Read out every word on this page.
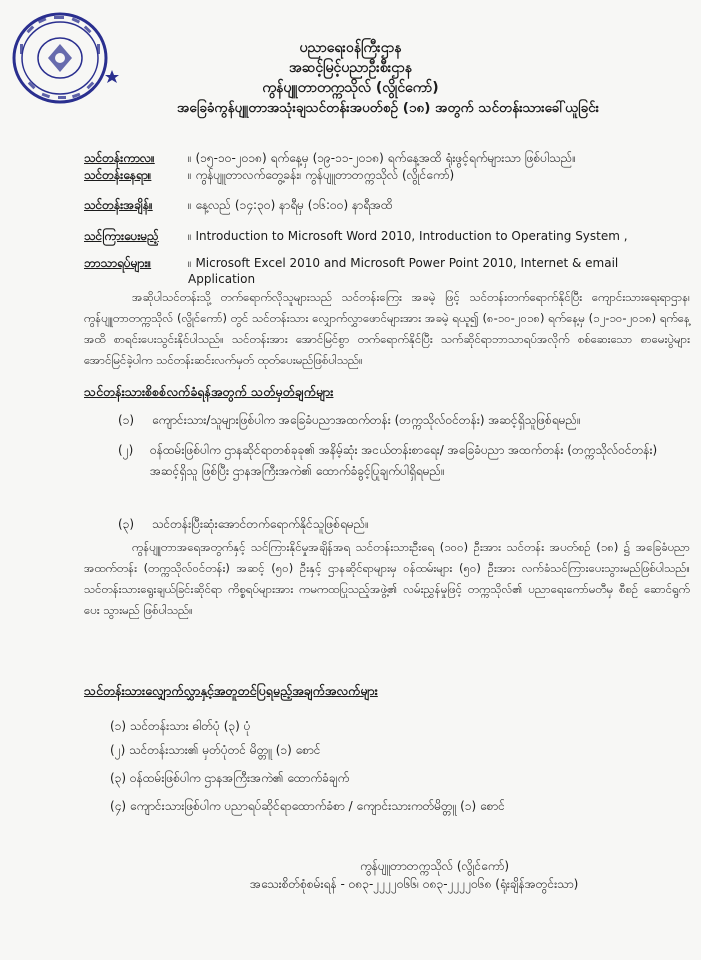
ပညာရေးဝန်ကြီးဌာန
အဆင့်မြင့်ပညာဦးစီးဌာန
ကွန်ပျူတာတက္ကသိုလ် (လွိုင်ကော်)
အခြေခံကွန်ပျူတာအသုံးချသင်တန်းအပတ်စဉ် (၁၈) အတွက် သင်တန်းသားခေါ်ယူခြင်း
သင်တန်းကာလ။	။ (၁၅-၁၀-၂၀၁၈) ရက်နေ့မှ (၁၉-၁၁-၂၀၁၈) ရက်နေ့အထိ ရုံးဖွင့်ရက်များသာ ဖြစ်ပါသည်။
သင်တန်းနေရာ။	။ ကွန်ပျူတာလက်တွေ့ခန်း၊ ကွန်ပျူတာတက္ကသိုလ် (လွိုင်ကော်)
သင်တန်းအချိန်။	။ နေ့လည် (၁၄:၃၀) နာရီမှ (၁၆:၀၀) နာရီအထိ
သင်ကြားပေးမည့် ။ Introduction to Microsoft Word 2010, Introduction to Operating System ,
ဘာသာရပ်များ။	။ Microsoft Excel 2010 and Microsoft Power Point 2010, Internet & email Application
အဆိုပါသင်တန်းသို့ တက်ရောက်လိုသူများသည် သင်တန်းကြေး အခမဲ့ ဖြင့် သင်တန်းတက်ရောက်နိုင်ပြီး ကျောင်းသားရေးရာဌာန၊ ကွန်ပျူတာတက္ကသိုလ် (လွိုင်ကော်) တွင် သင်တန်းသား လျှောက်လွှာဖောင်များအား အခမဲ့ ရယူ၍ (၈-၁၀-၂၀၁၈) ရက်နေ့မှ (၁၂-၁၀-၂၀၁၈) ရက်နေ့အထိ စာရင်းပေးသွင်းနိုင်ပါသည်။ သင်တန်းအား အောင်မြင်စွာ တက်ရောက်နိုင်ပြီး သက်ဆိုင်ရာဘာသာရပ်အလိုက် စစ်ဆေးသော စာမေးပွဲများ အောင်မြင်ခဲ့ပါက သင်တန်းဆင်းလက်မှတ် ထုတ်ပေးမည်ဖြစ်ပါသည်။
သင်တန်းသားစိစစ်လက်ခံရန်အတွက် သတ်မှတ်ချက်များ
(၁) ကျောင်းသား/သူများဖြစ်ပါက အခြေခံပညာအထက်တန်း (တက္ကသိုလ်ဝင်တန်း) အဆင့်ရှိသူဖြစ်ရမည်။
(၂) ဝန်ထမ်းဖြစ်ပါက ဌာနဆိုင်ရာတစ်ခုခု၏ အနိမ့်ဆုံး အငယ်တန်းစာရေး/ အခြေခံပညာ အထက်တန်း (တက္ကသိုလ်ဝင်တန်း) အဆင့်ရှိသူ ဖြစ်ပြီး ဌာနအကြီးအကဲ၏ ထောက်ခံခွင့်ပြုချက်ပါရှိရမည်။
(၃) သင်တန်းပြီးဆုံးအောင်တက်ရောက်နိုင်သူဖြစ်ရမည်။
ကွန်ပျူတာအရေအတွက်နှင့် သင်ကြားနိုင်မှုအချိန်အရ သင်တန်းသားဦးရေ (၁၀၀) ဦးအား သင်တန်း အပတ်စဉ် (၁၈) ၌ အခြေခံပညာအထက်တန်း (တက္ကသိုလ်ဝင်တန်း) အဆင့် (၅၀) ဦးနှင့် ဌာနဆိုင်ရာများမှ ဝန်ထမ်းများ (၅၀) ဦးအား လက်ခံသင်ကြားပေးသွားမည်ဖြစ်ပါသည်။ သင်တန်းသားရွေးချယ်ခြင်းဆိုင်ရာ ကိစ္စရပ်များအား ကမကထပြုသည့်အဖွဲ့၏ လမ်းညွှန်မှုဖြင့် တက္ကသိုလ်၏ ပညာရေးကော်မတီမှ စီစဉ် ဆောင်ရွက်ပေး သွားမည် ဖြစ်ပါသည်။
သင်တန်းသားလျှောက်လွှာနှင့်အတူတင်ပြရမည့်အချက်အလက်များ
(၁) သင်တန်းသား ဓါတ်ပုံ (၃) ပုံ
(၂) သင်တန်းသား၏ မှတ်ပုံတင် မိတ္တူ (၁) စောင်
(၃) ဝန်ထမ်းဖြစ်ပါက ဌာနအကြီးအကဲ၏ ထောက်ခံချက်
(၄) ကျောင်းသားဖြစ်ပါက ပညာရပ်ဆိုင်ရာထောက်ခံစာ / ကျောင်းသားကတ်မိတ္တူ (၁) စောင်
ကွန်ပျူတာတက္ကသိုလ် (လွိုင်ကော်)
အသေးစိတ်စုံစမ်းရန် - ၀၈၃-၂၂၂၂၀၆၆၊ ၀၈၃-၂၂၂၂၀၆၈ (ရုံးချိန်အတွင်းသာ)
